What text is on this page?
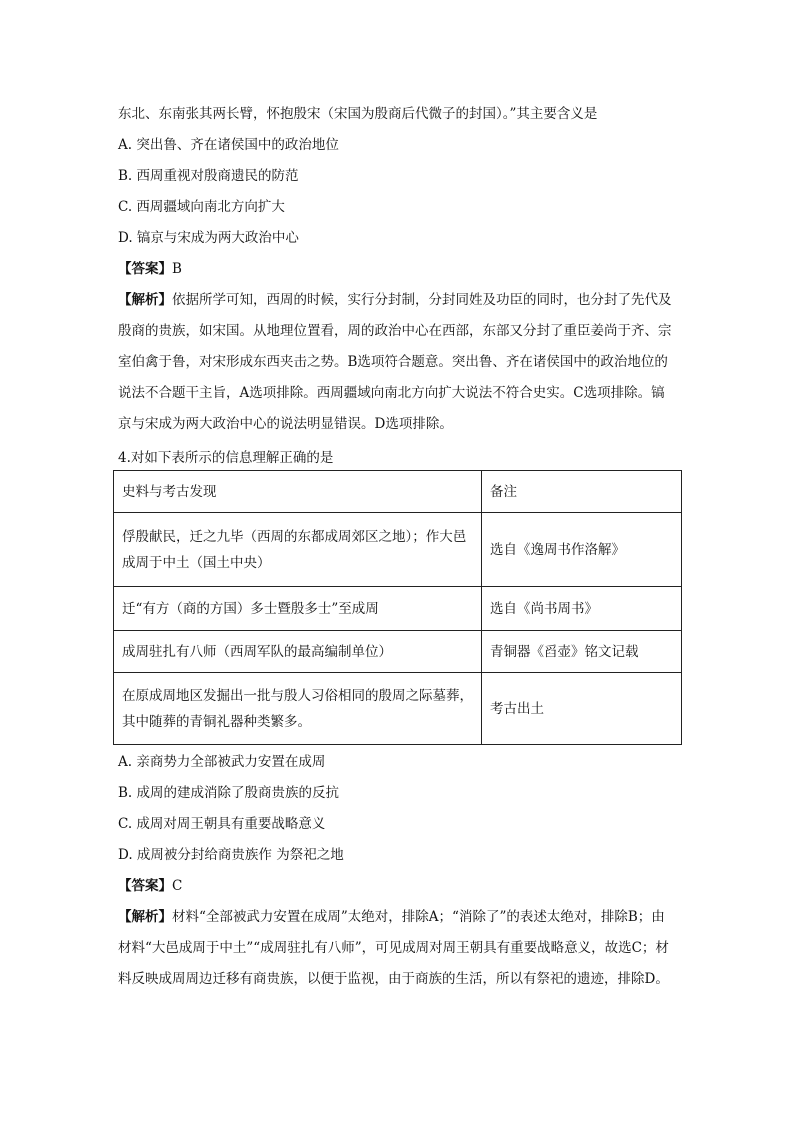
东北、东南张其两长臂，怀抱殷宋（宋国为殷商后代微子的封国）。”其主要含义是
A. 突出鲁、齐在诸侯国中的政治地位
B. 西周重视对殷商遗民的防范
C. 西周疆域向南北方向扩大
D. 镐京与宋成为两大政治中心
【答案】B
【解析】依据所学可知，西周的时候，实行分封制，分封同姓及功臣的同时，也分封了先代及殷商的贵族，如宋国。从地理位置看，周的政治中心在西部，东部又分封了重臣姜尚于齐、宗室伯禽于鲁，对宋形成东西夹击之势。B选项符合题意。突出鲁、齐在诸侯国中的政治地位的说法不合题干主旨，A选项排除。西周疆域向南北方向扩大说法不符合史实。C选项排除。镐京与宋成为两大政治中心的说法明显错误。D选项排除。
4.对如下表所示的信息理解正确的是
史料与考古发现	备注
俘殷献民，迁之九毕（西周的东都成周郊区之地）；作大邑成周于中土（国土中央）	选自《逸周书作洛解》
迁“有方（商的方国）多士暨殷多士”至成周	选自《尚书周书》
成周驻扎有八师（西周军队的最高编制单位）	青铜器《舀壶》铭文记载
在原成周地区发掘出一批与殷人习俗相同的殷周之际墓葬，其中随葬的青铜礼器种类繁多。	考古出土
A. 亲商势力全部被武力安置在成周
B. 成周的建成消除了殷商贵族的反抗
C. 成周对周王朝具有重要战略意义
D. 成周被分封给商贵族作 为祭祀之地
【答案】C
【解析】材料“全部被武力安置在成周”太绝对，排除A；“消除了”的表述太绝对，排除B；由材料“大邑成周于中土”“成周驻扎有八师”，可见成周对周王朝具有重要战略意义，故选C；材料反映成周周边迁移有商贵族，以便于监视，由于商族的生活，所以有祭祀的遗迹，排除D。
